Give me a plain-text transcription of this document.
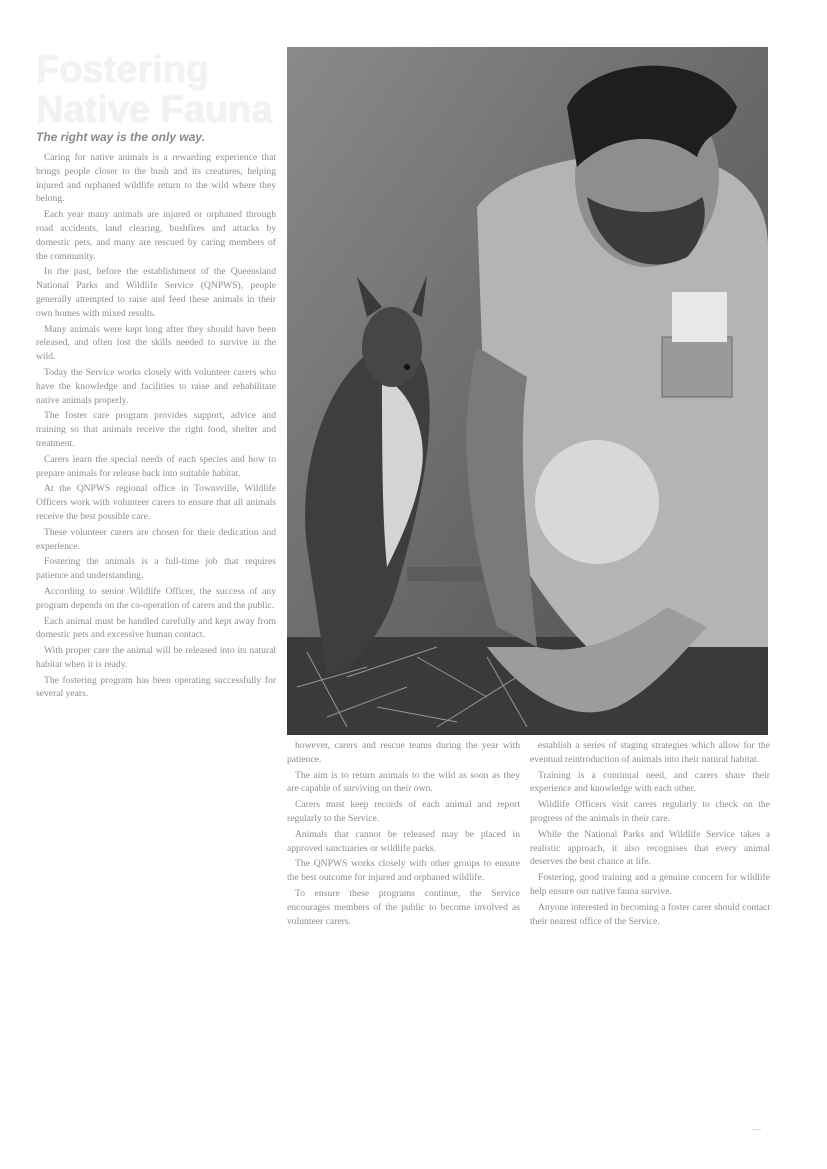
Fostering Native Fauna
The right way is the only way.

Caring for native animals is a rewarding experience that brings people closer to the bush and its creatures, helping injured and orphaned wildlife return to the wild where they belong.

Each year many animals are injured or orphaned through road accidents, land clearing, bushfires and attacks by domestic pets, and many are rescued by caring members of the community.

In the past, before the establishment of the Queensland National Parks and Wildlife Service (QNPWS), people generally attempted to raise and feed these animals in their own homes with mixed results.

Many animals were kept long after they should have been released, and often lost the skills needed to survive in the wild.

Today the Service works closely with volunteer carers who have the knowledge and facilities to raise and rehabilitate native animals properly.

The foster care program provides support, advice and training so that animals receive the right food, shelter and treatment.

Carers learn the special needs of each species and how to prepare animals for release back into suitable habitat.

At the QNPWS regional office in Townsville, Wildlife Officers work with volunteer carers to ensure that all animals receive the best possible care.

These volunteer carers are chosen for their dedication and experience.

Fostering the animals is a full-time job that requires patience and understanding.

According to senior Wildlife Officer, the success of any program depends on the co-operation of carers and the public.

Each animal must be handled carefully and kept away from domestic pets and excessive human contact.

With proper care the animal will be released into its natural habitat when it is ready.

The fostering program has been operating successfully for several years.

however, carers and rescue teams during the year with patience.

The aim is to return animals to the wild as soon as they are capable of surviving on their own.

Carers must keep records of each animal and report regularly to the Service.

Animals that cannot be released may be placed in approved sanctuaries or wildlife parks.

The QNPWS works closely with other groups to ensure the best outcome for injured and orphaned wildlife.

To ensure these programs continue, the Service encourages members of the public to become involved as volunteer carers.

establish a series of staging strategies which allow for the eventual reintroduction of animals into their natural habitat.

Training is a continual need, and carers share their experience and knowledge with each other.

Wildlife Officers visit carers regularly to check on the progress of the animals in their care.

While the National Parks and Wildlife Service takes a realistic approach, it also recognises that every animal deserves the best chance at life.

Fostering, good training and a genuine concern for wildlife help ensure our native fauna survive.

Anyone interested in becoming a foster carer should contact their nearest office of the Service.

—
